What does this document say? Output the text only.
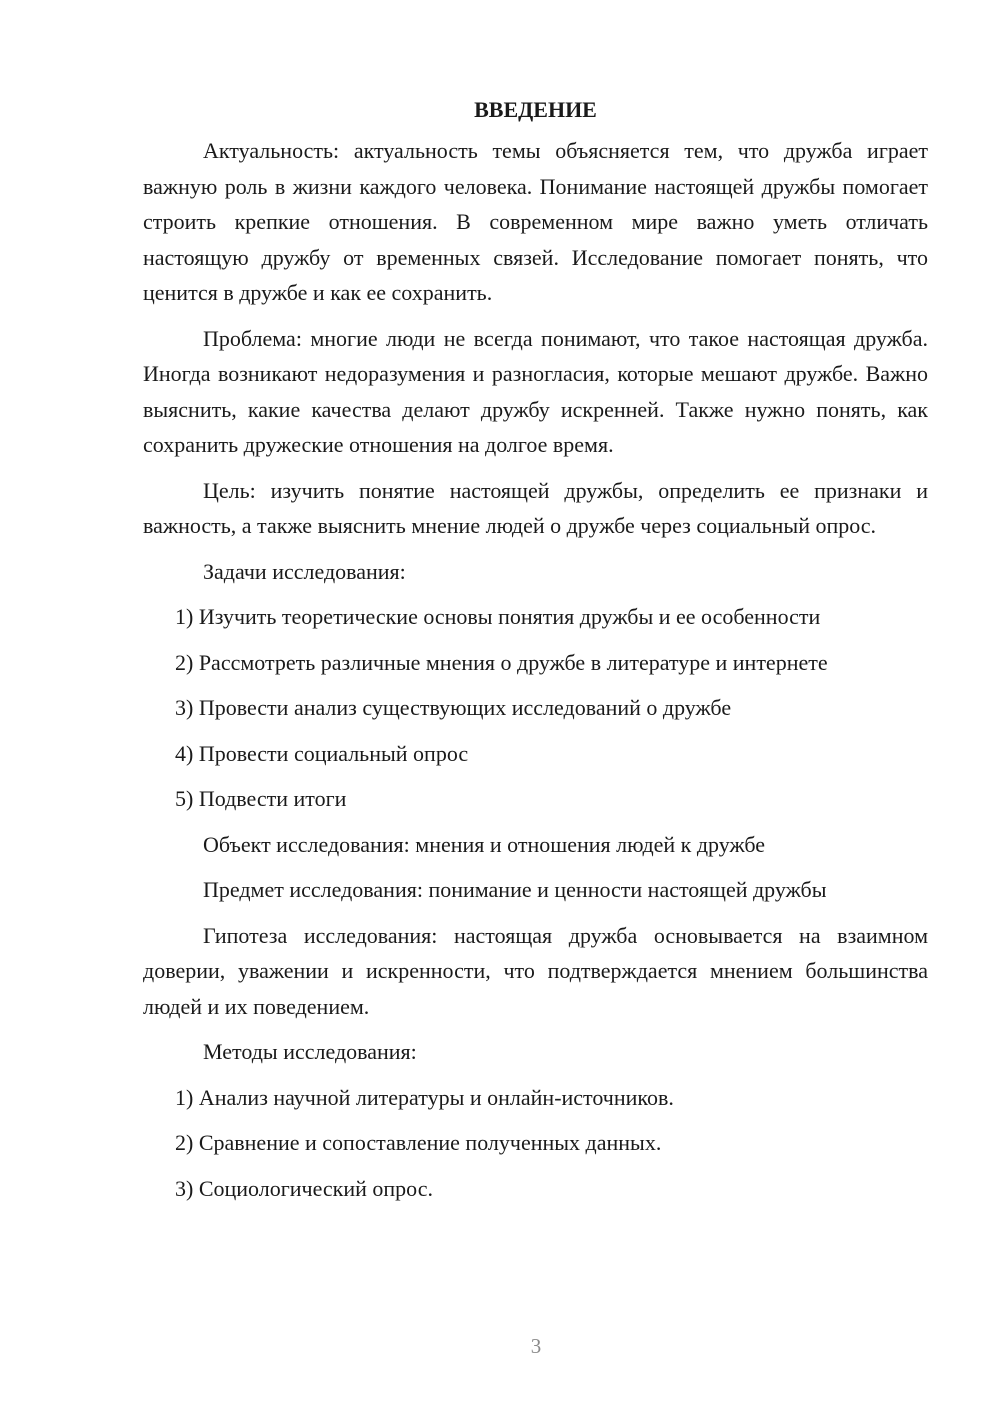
ВВЕДЕНИЕ

Актуальность: актуальность темы объясняется тем, что дружба играет важную роль в жизни каждого человека. Понимание настоящей дружбы помогает строить крепкие отношения. В современном мире важно уметь отличать настоящую дружбу от временных связей. Исследование помогает понять, что ценится в дружбе и как ее сохранить.

Проблема: многие люди не всегда понимают, что такое настоящая дружба. Иногда возникают недоразумения и разногласия, которые мешают дружбе. Важно выяснить, какие качества делают дружбу искренней. Также нужно понять, как сохранить дружеские отношения на долгое время.

Цель: изучить понятие настоящей дружбы, определить ее признаки и важность, а также выяснить мнение людей о дружбе через социальный опрос.

Задачи исследования:
1) Изучить теоретические основы понятия дружбы и ее особенности
2) Рассмотреть различные мнения о дружбе в литературе и интернете
3) Провести анализ существующих исследований о дружбе
4) Провести социальный опрос
5) Подвести итоги
Объект исследования: мнения и отношения людей к дружбе
Предмет исследования: понимание и ценности настоящей дружбы

Гипотеза исследования: настоящая дружба основывается на взаимном доверии, уважении и искренности, что подтверждается мнением большинства людей и их поведением.

Методы исследования:
1) Анализ научной литературы и онлайн-источников.
2) Сравнение и сопоставление полученных данных.
3) Социологический опрос.
3
